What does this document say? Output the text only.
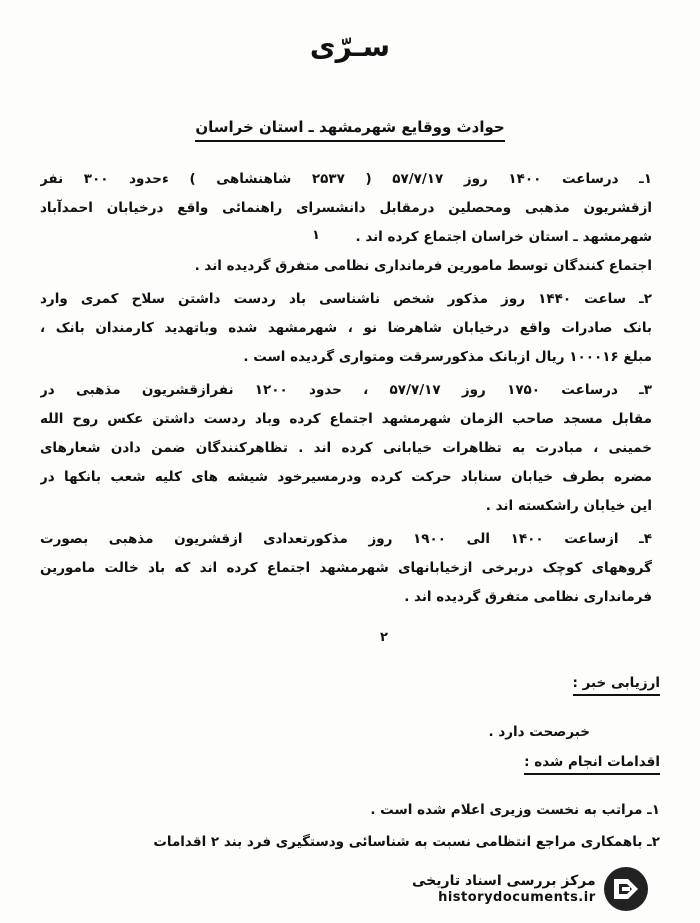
سـرّی
حوادث ووقایع شهرمشهد ـ استان خراسان
۱ـ درساعت ۱۴۰۰ روز ۵۷/۷/۱۷ ( ۲۵۳۷ شاهنشاهی ) ءحدود ۳۰۰ نفر
ازقشریون مذهبی ومحصلین درمقابل دانشسرای راهنمائی واقع درخیابان احمدآباد
شهرمشهد ـ استان خراسان اجتماع کرده اند .
اجتماع کنندگان توسط مامورین فرمانداری نظامی متفرق گردیده اند .
۲ـ ساعت ۱۴۴۰ روز مذکور شخص ناشناسی باد ردست داشتن سلاح کمری وارد
بانک صادرات واقع درخیابان شاهرضا نو ، شهرمشهد شده وباتهدید کارمندان بانک ،
مبلغ ۱۰۰۰۱۶ ریال ازبانک مذکورسرقت ومتواری گردیده است .
۳ـ درساعت ۱۷۵۰ روز ۵۷/۷/۱۷ ، حدود ۱۲۰۰ نفرازقشریون مذهبی در
مقابل مسجد صاحب الزمان شهرمشهد اجتماع کرده وباد ردست داشتن عکس روح الله
خمینی ، مبادرت به تظاهرات خیابانی کرده اند . تظاهرکنندگان ضمن دادن شعارهای
مضره بطرف خیابان سناباد حرکت کرده ودرمسیرخود شیشه های کلیه شعب بانکها در
این خیابان راشکسته اند .
۴ـ ازساعت ۱۴۰۰ الی ۱۹۰۰ روز مذکورتعدادی ازقشریون مذهبی بصورت
گروههای کوچک دربرخی ازخیابانهای شهرمشهد اجتماع کرده اند که باد خالت مامورین
فرمانداری نظامی متفرق گردیده اند .
۱
۲
ارزیابی خبر :
خبرصحت دارد .
اقدامات انجام شده :
۱ـ مراتب به نخست وزیری اعلام شده است .
۲ـ باهمکاری مراجع انتظامی نسبت به شناسائی ودستگیری فرد بند ۲ اقدامات
مرکز بررسی اسناد تاریخی
historydocuments.ir
